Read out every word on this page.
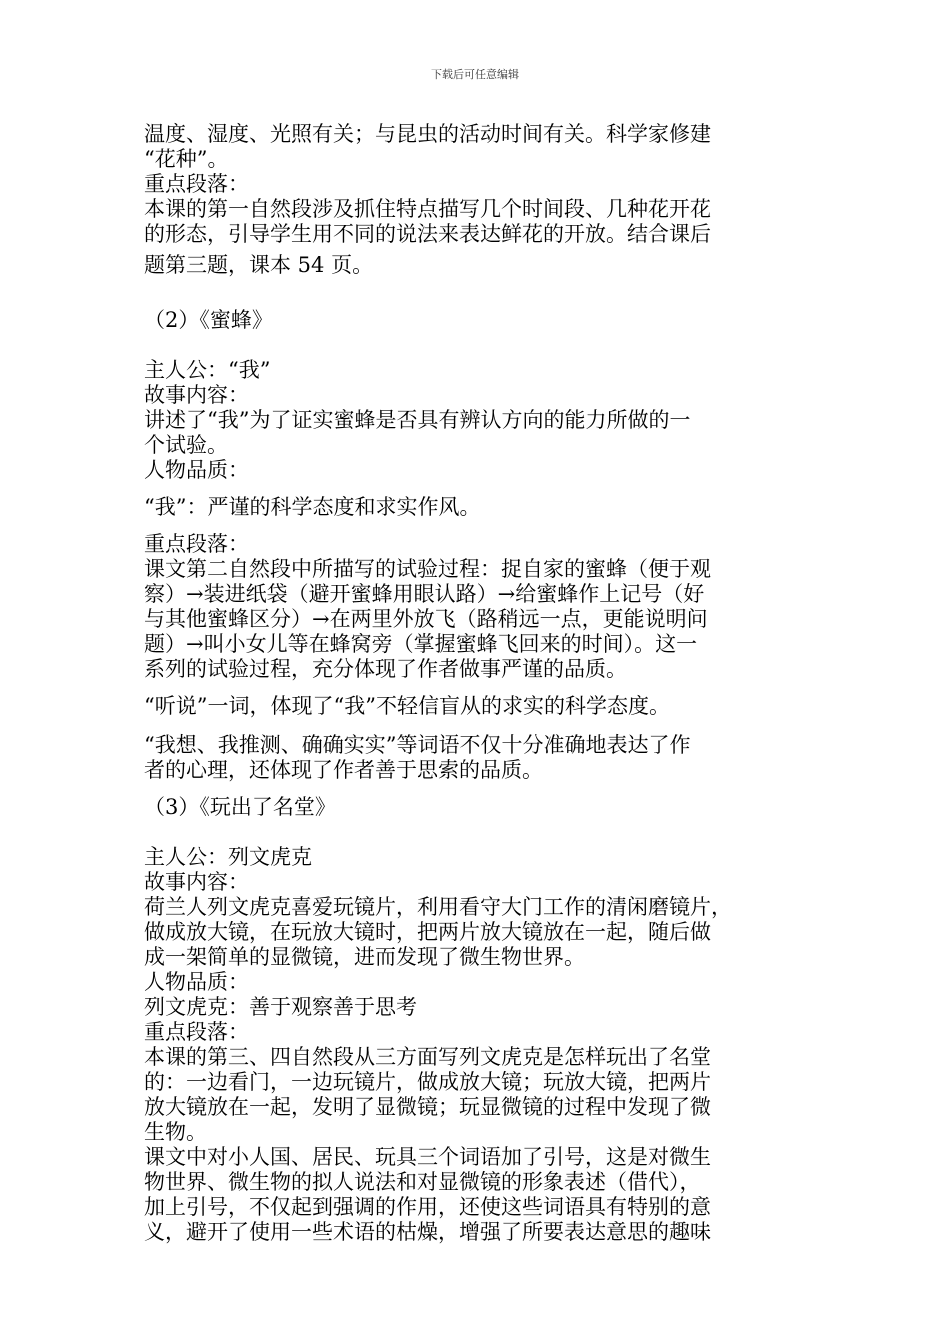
下载后可任意编辑

温度、湿度、光照有关；与昆虫的活动时间有关。科学家修建

“花种”。

重点段落：

本课的第一自然段涉及抓住特点描写几个时间段、几种花开花

的形态，引导学生用不同的说法来表达鲜花的开放。结合课后

题第三题，课本 54 页。

（2）《蜜蜂》

主人公：“我”

故事内容：

讲述了“我”为了证实蜜蜂是否具有辨认方向的能力所做的一

个试验。

人物品质：

“我”：严谨的科学态度和求实作风。

重点段落：

课文第二自然段中所描写的试验过程：捉自家的蜜蜂（便于观

察）→装进纸袋（避开蜜蜂用眼认路）→给蜜蜂作上记号（好

与其他蜜蜂区分）→在两里外放飞（路稍远一点，更能说明问

题）→叫小女儿等在蜂窝旁（掌握蜜蜂飞回来的时间）。这一

系列的试验过程，充分体现了作者做事严谨的品质。

“听说”一词，体现了“我”不轻信盲从的求实的科学态度。

“我想、我推测、确确实实”等词语不仅十分准确地表达了作

者的心理，还体现了作者善于思索的品质。

（3）《玩出了名堂》

主人公：列文虎克

故事内容：

荷兰人列文虎克喜爱玩镜片，利用看守大门工作的清闲磨镜片，

做成放大镜，在玩放大镜时，把两片放大镜放在一起，随后做

成一架简单的显微镜，进而发现了微生物世界。

人物品质：

列文虎克：善于观察善于思考

重点段落：

本课的第三、四自然段从三方面写列文虎克是怎样玩出了名堂

的：一边看门，一边玩镜片，做成放大镜；玩放大镜，把两片

放大镜放在一起，发明了显微镜；玩显微镜的过程中发现了微

生物。

课文中对小人国、居民、玩具三个词语加了引号，这是对微生

物世界、微生物的拟人说法和对显微镜的形象表述（借代），

加上引号，不仅起到强调的作用，还使这些词语具有特别的意

义，避开了使用一些术语的枯燥，增强了所要表达意思的趣味
